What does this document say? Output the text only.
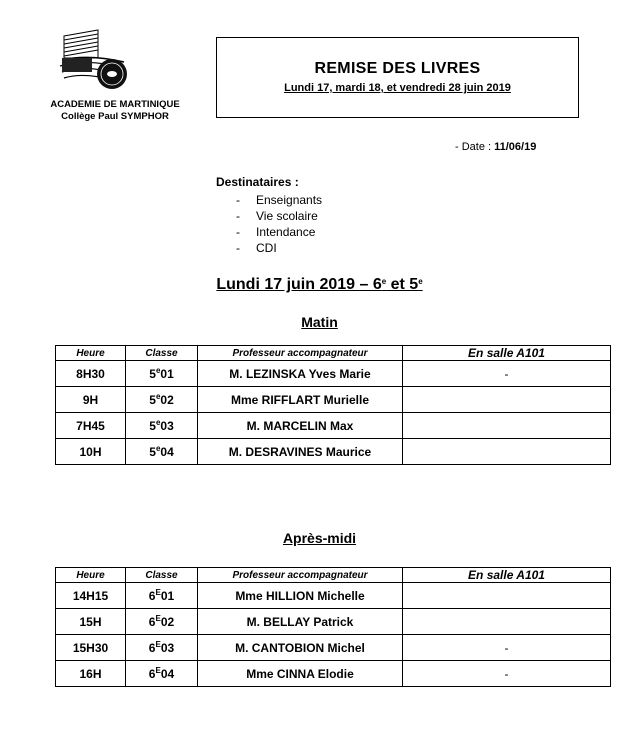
ACADEMIE DE MARTINIQUE
Collège Paul SYMPHOR
REMISE DES LIVRES
Lundi 17, mardi 18, et vendredi 28 juin 2019
- Date : 11/06/19
Destinataires :
- Enseignants
- Vie scolaire
- Intendance
- CDI
Lundi 17 juin 2019 – 6e et 5e
Matin
Heure	Classe	Professeur accompagnateur	En salle A101
8H30	5e01	M. LEZINSKA Yves Marie	-
9H	5e02	Mme RIFFLART Murielle	
7H45	5e03	M. MARCELIN Max	
10H	5e04	M. DESRAVINES Maurice	
Après-midi
Heure	Classe	Professeur accompagnateur	En salle A101
14H15	$6^E01$	Mme HILLION Michelle	
15H	$6^E02$	M. BELLAY Patrick	
15H30	$6^E03$	M. CANTOBION Michel	-
16H	$6^E04$	Mme CINNA Elodie	-
